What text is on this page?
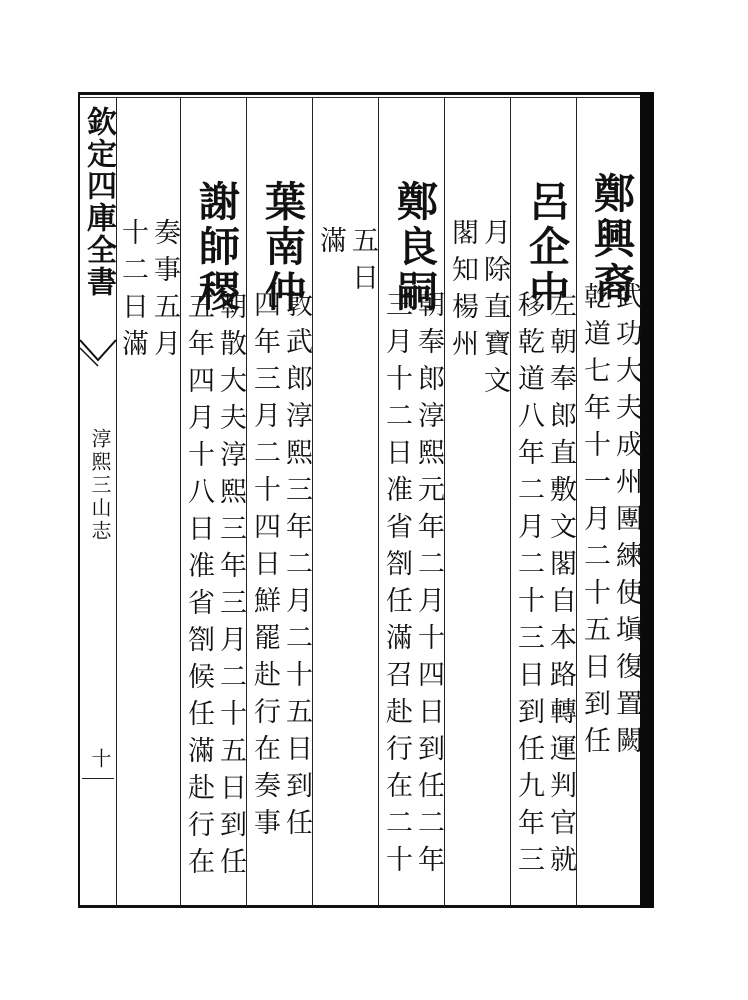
欽定四庫全書
淳熙三山志
十
鄭興裔
武功大夫成州團練使塡復置闕
乾道七年十一月二十五日到任
呂企中
左朝奉郎直敷文閣自本路轉運判官就
移乾道八年二月二十三日到任九年三
月除直寶文
閣知楊州
鄭良嗣
朝奉郎淳熙元年二月十四日到任二年
三月十二日准省劄任滿召赴行在二十
五日
滿
葉南仲
敦武郎淳熙三年二月二十五日到任
四年三月二十四日鮮罷赴行在奏事
謝師稷
朝散大夫淳熙三年三月二十五日到任
五年四月十八日准省劄候任滿赴行在
奏事五月
十二日滿
